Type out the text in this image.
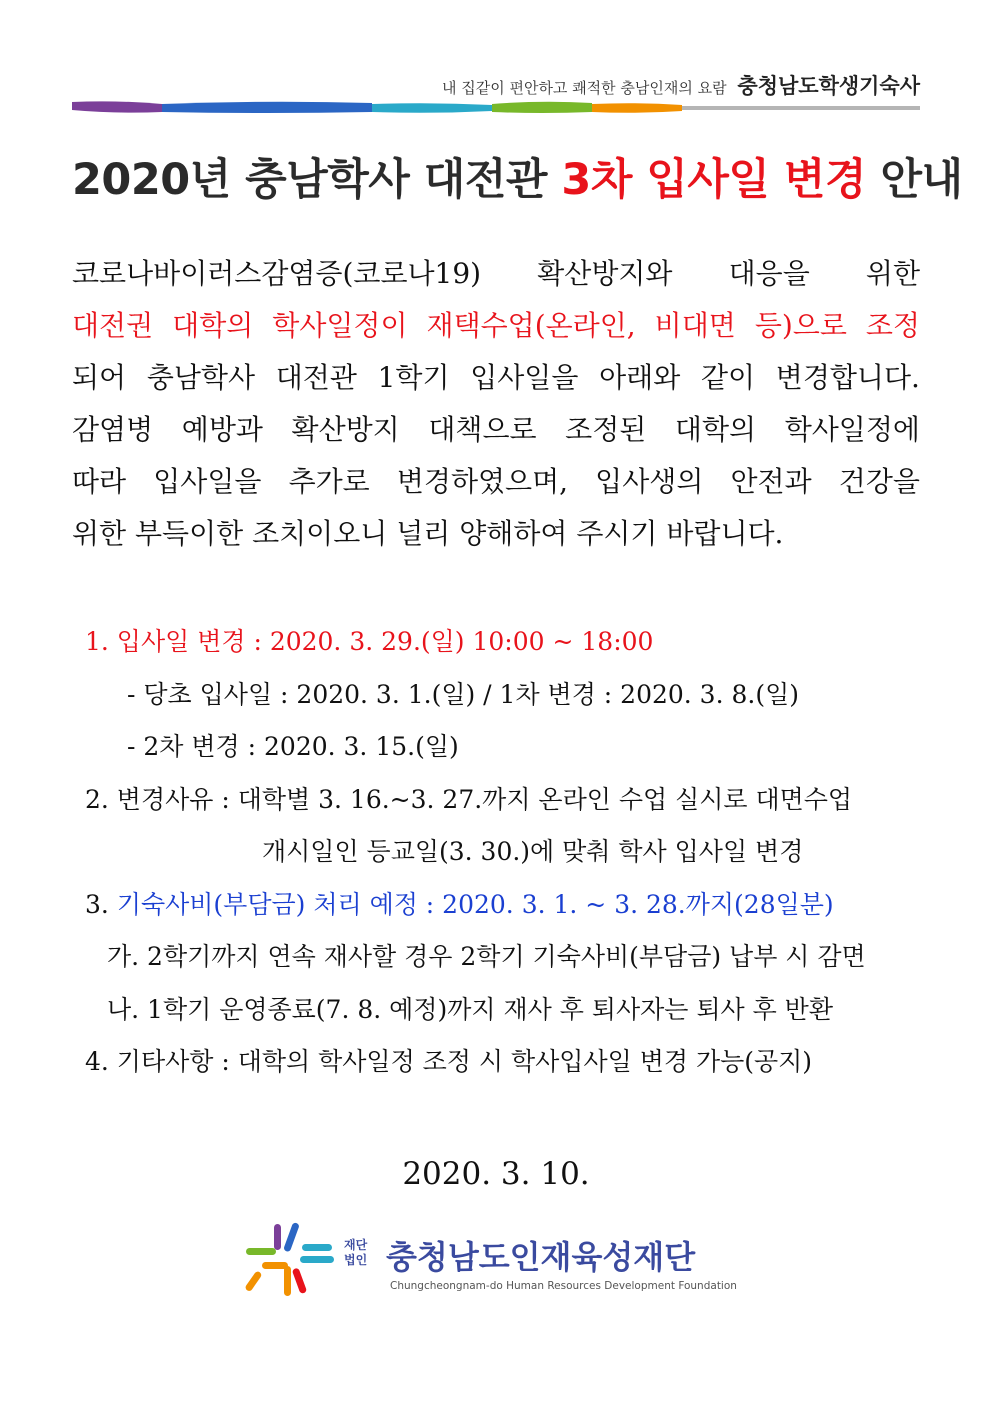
내 집같이 편안하고 쾌적한 충남인재의 요람 충청남도학생기숙사
2020년 충남학사 대전관 3차 입사일 변경 안내
코로나바이러스감염증(코로나19) 확산방지와 대응을 위한
대전권 대학의 학사일정이 재택수업(온라인, 비대면 등)으로 조정
되어 충남학사 대전관 1학기 입사일을 아래와 같이 변경합니다.
감염병 예방과 확산방지 대책으로 조정된 대학의 학사일정에
따라 입사일을 추가로 변경하였으며, 입사생의 안전과 건강을
위한 부득이한 조치이오니 널리 양해하여 주시기 바랍니다.
1. 입사일 변경 : 2020. 3. 29.(일) 10:00 ~ 18:00
- 당초 입사일 : 2020. 3. 1.(일) / 1차 변경 : 2020. 3. 8.(일)
- 2차 변경 : 2020. 3. 15.(일)
2. 변경사유 : 대학별 3. 16.~3. 27.까지 온라인 수업 실시로 대면수업
개시일인 등교일(3. 30.)에 맞춰 학사 입사일 변경
3. 기숙사비(부담금) 처리 예정 : 2020. 3. 1. ~ 3. 28.까지(28일분)
가. 2학기까지 연속 재사할 경우 2학기 기숙사비(부담금) 납부 시 감면
나. 1학기 운영종료(7. 8. 예정)까지 재사 후 퇴사자는 퇴사 후 반환
4. 기타사항 : 대학의 학사일정 조정 시 학사입사일 변경 가능(공지)
2020. 3. 10.
재단
법인 충청남도인재육성재단
Chungcheongnam-do Human Resources Development Foundation
